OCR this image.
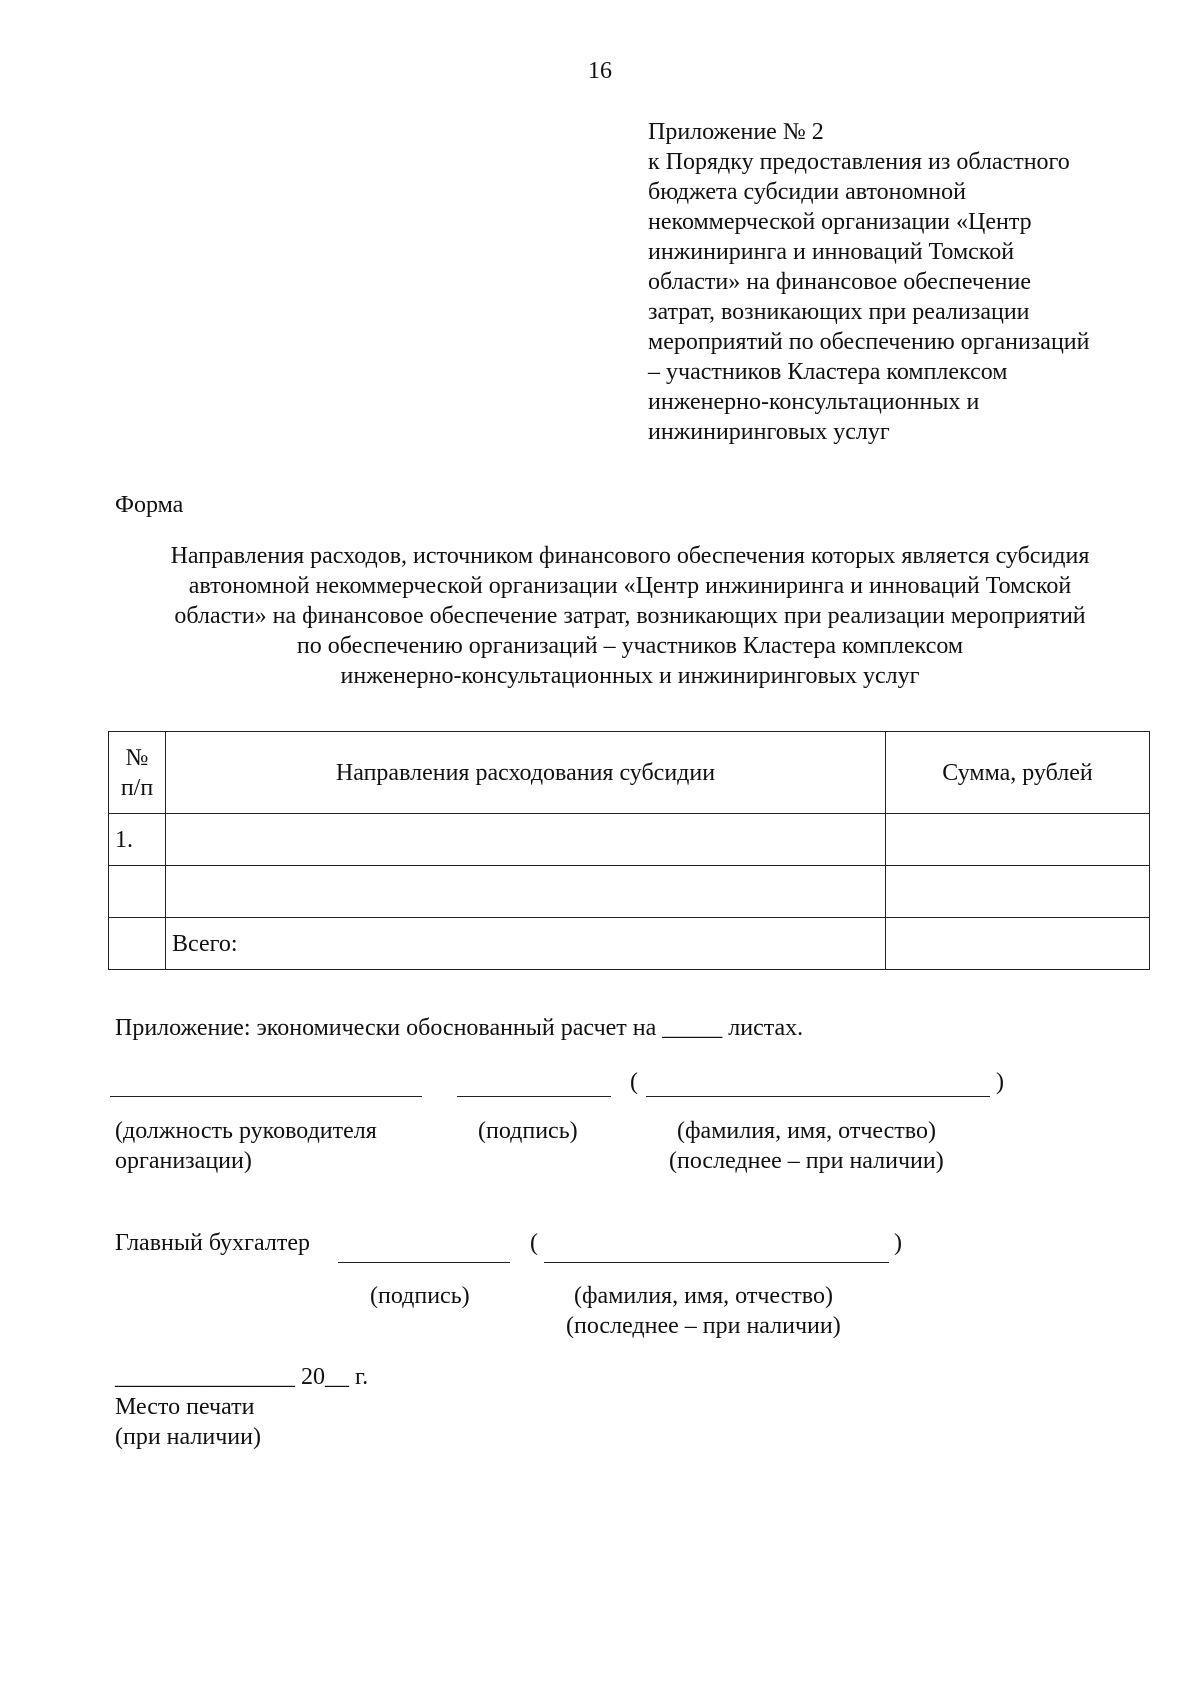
16
Приложение № 2
к Порядку предоставления из областного
бюджета субсидии автономной
некоммерческой организации «Центр
инжиниринга и инноваций Томской
области» на финансовое обеспечение
затрат, возникающих при реализации
мероприятий по обеспечению организаций
– участников Кластера комплексом
инженерно-консультационных и
инжиниринговых услуг
Форма
Направления расходов, источником финансового обеспечения которых является субсидия
автономной некоммерческой организации «Центр инжиниринга и инноваций Томской
области» на финансовое обеспечение затрат, возникающих при реализации мероприятий
по обеспечению организаций – участников Кластера комплексом
инженерно-консультационных и инжиниринговых услуг
№
п/п	Направления расходования субсидии	Сумма, рублей
1.		

	Всего:	
Приложение: экономически обоснованный расчет на _____ листах.
(	)
(должность руководителя
организации)
(подпись)	(фамилия, имя, отчество)
(последнее – при наличии)
Главный бухгалтер	(	)
(подпись)	(фамилия, имя, отчество)
(последнее – при наличии)
_______________ 20__ г.
Место печати
(при наличии)
